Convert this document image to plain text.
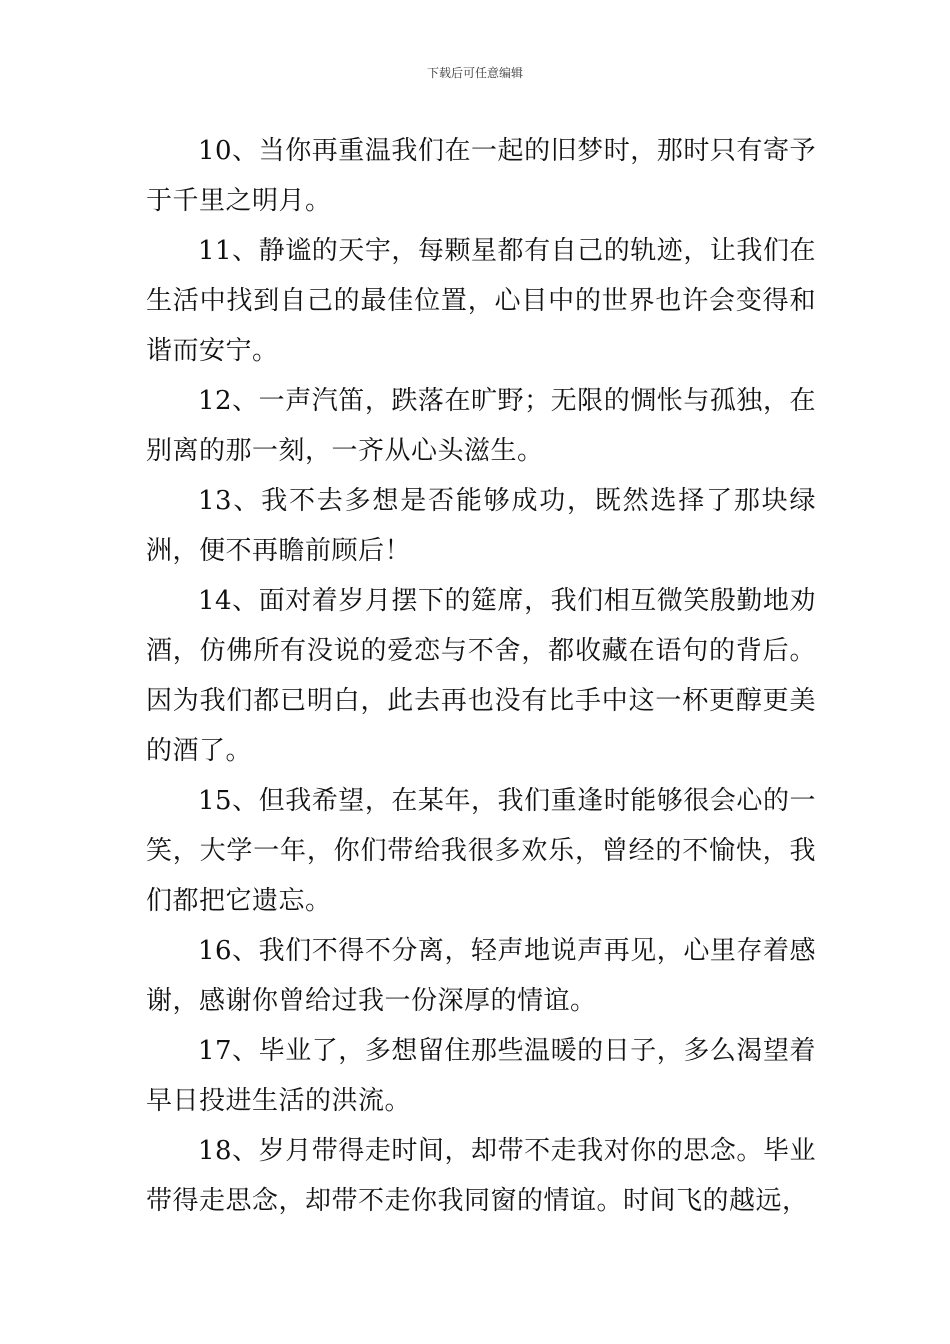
下载后可任意编辑

10、当你再重温我们在一起的旧梦时，那时只有寄予于千里之明月。

11、静谧的天宇，每颗星都有自己的轨迹，让我们在生活中找到自己的最佳位置，心目中的世界也许会变得和谐而安宁。

12、一声汽笛，跌落在旷野；无限的惆怅与孤独，在别离的那一刻，一齐从心头滋生。

13、我不去多想是否能够成功，既然选择了那块绿洲，便不再瞻前顾后！

14、面对着岁月摆下的筵席，我们相互微笑殷勤地劝酒，仿佛所有没说的爱恋与不舍，都收藏在语句的背后。因为我们都已明白，此去再也没有比手中这一杯更醇更美的酒了。

15、但我希望，在某年，我们重逢时能够很会心的一笑，大学一年，你们带给我很多欢乐，曾经的不愉快，我们都把它遗忘。

16、我们不得不分离，轻声地说声再见，心里存着感谢，感谢你曾给过我一份深厚的情谊。

17、毕业了，多想留住那些温暖的日子，多么渴望着早日投进生活的洪流。

18、岁月带得走时间，却带不走我对你的思念。毕业带得走思念，却带不走你我同窗的情谊。时间飞的越远，
